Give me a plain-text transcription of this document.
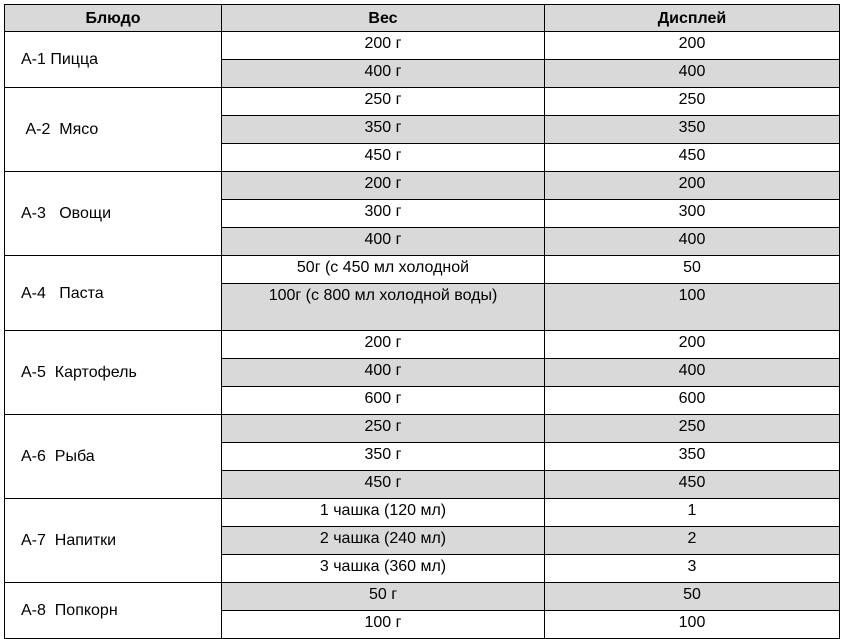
Блюдо	Вес	Дисплей
А-1 Пицца	200 г	200
	400 г	400
А-2  Мясо	250 г	250
	350 г	350
	450 г	450
А-3   Овощи	200 г	200
	300 г	300
	400 г	400
А-4   Паста	50г (с 450 мл холодной	50
	100г (с 800 мл холодной воды)	100
А-5  Картофель	200 г	200
	400 г	400
	600 г	600
А-6  Рыба	250 г	250
	350 г	350
	450 г	450
А-7  Напитки	1 чашка (120 мл)	1
	2 чашка (240 мл)	2
	3 чашка (360 мл)	3
А-8  Попкорн	50 г	50
	100 г	100
